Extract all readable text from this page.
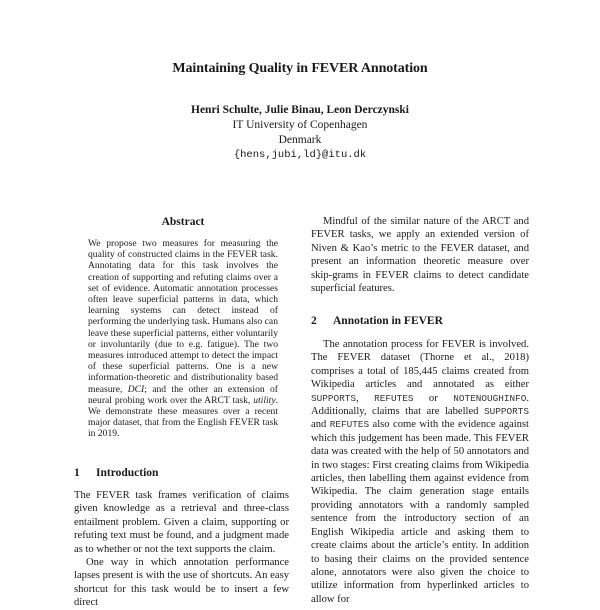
Maintaining Quality in FEVER Annotation
Henri Schulte, Julie Binau, Leon Derczynski
IT University of Copenhagen
Denmark
{hens,jubi,ld}@itu.dk
Abstract

We propose two measures for measuring the quality of constructed claims in the FEVER task. Annotating data for this task involves the creation of supporting and refuting claims over a set of evidence. Automatic annotation processes often leave superficial patterns in data, which learning systems can detect instead of performing the underlying task. Humans also can leave these superficial patterns, either voluntarily or involuntarily (due to e.g. fatigue). The two measures introduced attempt to detect the impact of these superficial patterns. One is a new information-theoretic and distributionality based measure, DCI; and the other an extension of neural probing work over the ARCT task, utility. We demonstrate these measures over a recent major dataset, that from the English FEVER task in 2019.

1 Introduction

The FEVER task frames verification of claims given knowledge as a retrieval and three-class entailment problem. Given a claim, supporting or refuting text must be found, and a judgment made as to whether or not the text supports the claim.

One way in which annotation performance lapses present is with the use of shortcuts. An easy shortcut for this task would be to insert a few direct

Mindful of the similar nature of the ARCT and FEVER tasks, we apply an extended version of Niven & Kao’s metric to the FEVER dataset, and present an information theoretic measure over skip-grams in FEVER claims to detect candidate superficial features.

2 Annotation in FEVER

The annotation process for FEVER is involved. The FEVER dataset (Thorne et al., 2018) comprises a total of 185,445 claims created from Wikipedia articles and annotated as either SUPPORTS, REFUTES or NOTENOUGHINFO. Additionally, claims that are labelled SUPPORTS and REFUTES also come with the evidence against which this judgement has been made. This FEVER data was created with the help of 50 annotators and in two stages: First creating claims from Wikipedia articles, then labelling them against evidence from Wikipedia. The claim generation stage entails providing annotators with a randomly sampled sentence from the introductory section of an English Wikipedia article and asking them to create claims about the article’s entity. In addition to basing their claims on the provided sentence alone, annotators were also given the choice to utilize information from hyperlinked articles to allow for
